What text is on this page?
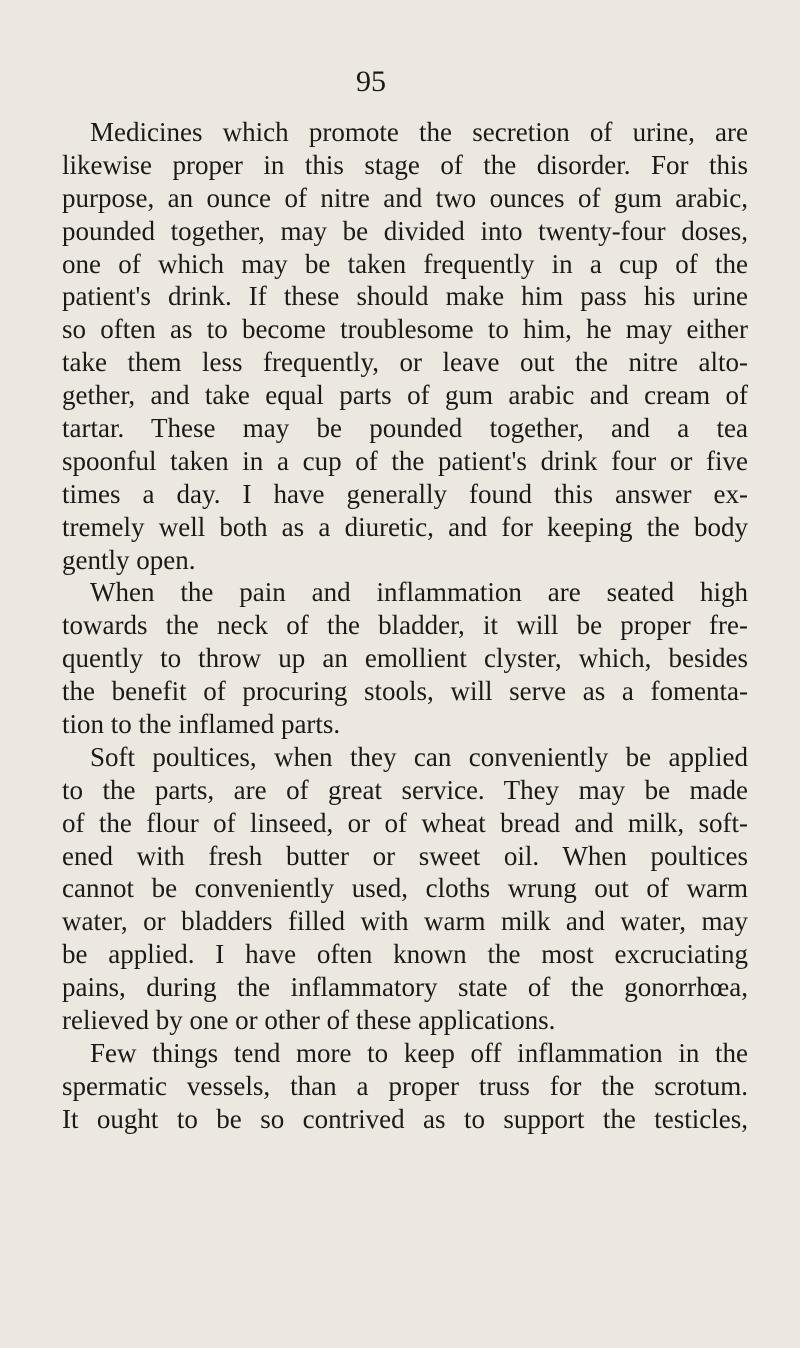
95
Medicines which promote the secretion of urine, are
likewise proper in this stage of the disorder. For this
purpose, an ounce of nitre and two ounces of gum arabic,
pounded together, may be divided into twenty-four doses,
one of which may be taken frequently in a cup of the
patient's drink. If these should make him pass his urine
so often as to become troublesome to him, he may either
take them less frequently, or leave out the nitre alto-
gether, and take equal parts of gum arabic and cream of
tartar. These may be pounded together, and a tea
spoonful taken in a cup of the patient's drink four or five
times a day. I have generally found this answer ex-
tremely well both as a diuretic, and for keeping the body
gently open.
When the pain and inflammation are seated high
towards the neck of the bladder, it will be proper fre-
quently to throw up an emollient clyster, which, besides
the benefit of procuring stools, will serve as a fomenta-
tion to the inflamed parts.
Soft poultices, when they can conveniently be applied
to the parts, are of great service. They may be made
of the flour of linseed, or of wheat bread and milk, soft-
ened with fresh butter or sweet oil. When poultices
cannot be conveniently used, cloths wrung out of warm
water, or bladders filled with warm milk and water, may
be applied. I have often known the most excruciating
pains, during the inflammatory state of the gonorrhœa,
relieved by one or other of these applications.
Few things tend more to keep off inflammation in the
spermatic vessels, than a proper truss for the scrotum.
It ought to be so contrived as to support the testicles,
